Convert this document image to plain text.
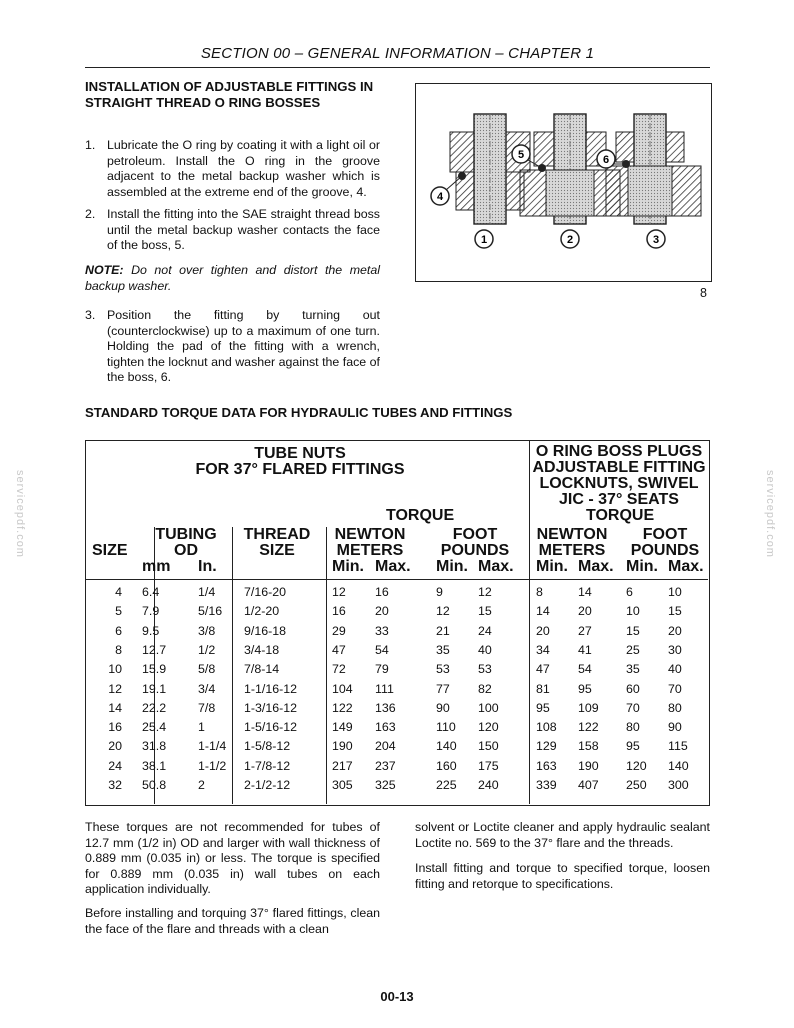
SECTION 00 – GENERAL INFORMATION – CHAPTER 1
INSTALLATION OF ADJUSTABLE FITTINGS IN STRAIGHT THREAD O RING BOSSES
1. Lubricate the O ring by coating it with a light oil or petroleum. Install the O ring in the groove adjacent to the metal backup washer which is assembled at the extreme end of the groove, 4.
2. Install the fitting into the SAE straight thread boss until the metal backup washer contacts the face of the boss, 5.
NOTE: Do not over tighten and distort the metal backup washer.
3. Position the fitting by turning out (counterclockwise) up to a maximum of one turn. Holding the pad of the fitting with a wrench, tighten the locknut and washer against the face of the boss, 6.
4
5	6
1	2	3
8
STANDARD TORQUE DATA FOR HYDRAULIC TUBES AND FITTINGS
TUBE NUTS
FOR 37° FLARED FITTINGS
O RING BOSS PLUGS
ADJUSTABLE FITTING
LOCKNUTS, SWIVEL
JIC - 37° SEATS
TORQUE	TORQUE
SIZE
TUBING
OD
mm In.
THREAD
SIZE
NEWTON
METERS
FOOT
POUNDS
NEWTON
METERS
FOOT
POUNDS
Min. Max. Min. Max. Min. Max. Min. Max.
4 6.4	1/4 7/16-20	12 16	9	12	8	14	6	10
5 7.9	5/16 1/2-20	16 20	12 15	14 20	10 15
6 9.5	3/8 9/16-18	29 33	21 24	20 27	15 20
8 12.7	1/2 3/4-18	47 54	35 40	34 41	25 30
10 15.9	5/8 7/8-14	72 79	53 53	47 54	35 40
12 19.1	3/4 1-1/16-12	104 111	77 82	81 95	60 70
14 22.2	7/8 1-3/16-12	122 136	90 100	95 109 70 80
16 25.4	1	1-5/16-12	149 163	110 120	108 122 80 90
20 31.8	1-1/4 1-5/8-12	190 204	140 150	129 158 95 115
24 38.1	1-1/2 1-7/8-12	217 237	160 175	163 190 120 140
32 50.8	2	2-1/2-12	305 325	225 240	339 407 250 300
These torques are not recommended for tubes of 12.7 mm (1/2 in) OD and larger with wall thickness of 0.889 mm (0.035 in) or less. The torque is specified for 0.889 mm (0.035 in) wall tubes on each application individually.
Before installing and torquing 37° flared fittings, clean the face of the flare and threads with a clean
solvent or Loctite cleaner and apply hydraulic sealant Loctite no. 569 to the 37° flare and the threads.
Install fitting and torque to specified torque, loosen fitting and retorque to specifications.
servicepdf.com	servicepdf.com
00-13
